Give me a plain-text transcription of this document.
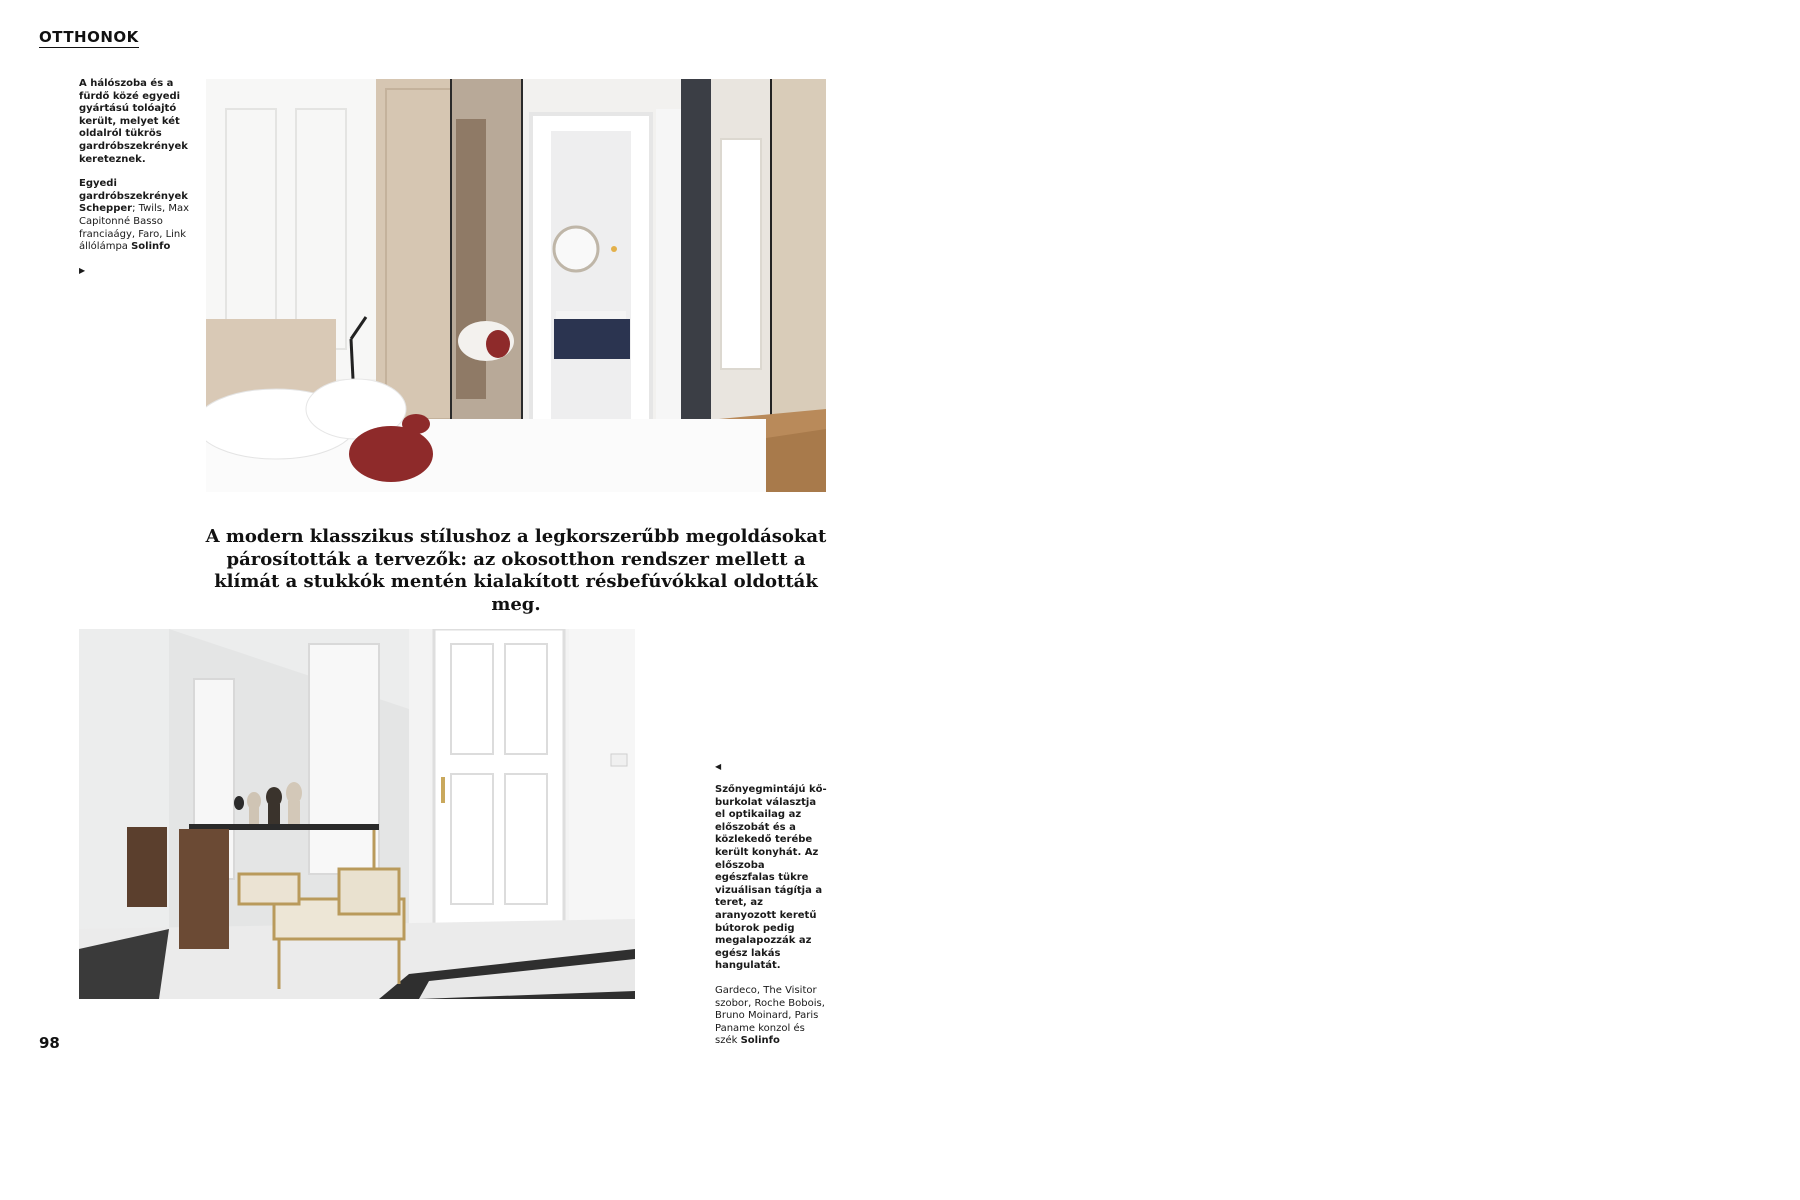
OTTHONOK

A hálószoba és a fürdő közé egyedi gyártású tolóajtó került, melyet két oldalról tükrös gardróbszekrények kereteznek.

Egyedi gardróbszekrények Schepper; Twils, Max Capitonné Basso franciaágy, Faro, Link állólámpa Solinfo

▶
A modern klasszikus stílushoz a legkorszerűbb megoldásokat párosították a tervezők: az okosotthon rendszer mellett a klímát a stukkók mentén kialakított résbefúvókkal oldották meg.
◀

Szőnyegmintájú kőburkolat választja el optikailag az előszobát és a közlekedő terébe került konyhát. Az előszoba egészfalas tükre vizuálisan tágítja a teret, az aranyozott keretű bútorok pedig megalapozzák az egész lakás hangulatát.

Gardeco, The Visitor szobor, Roche Bobois, Bruno Moinard, Paris Paname konzol és szék Solinfo

98
